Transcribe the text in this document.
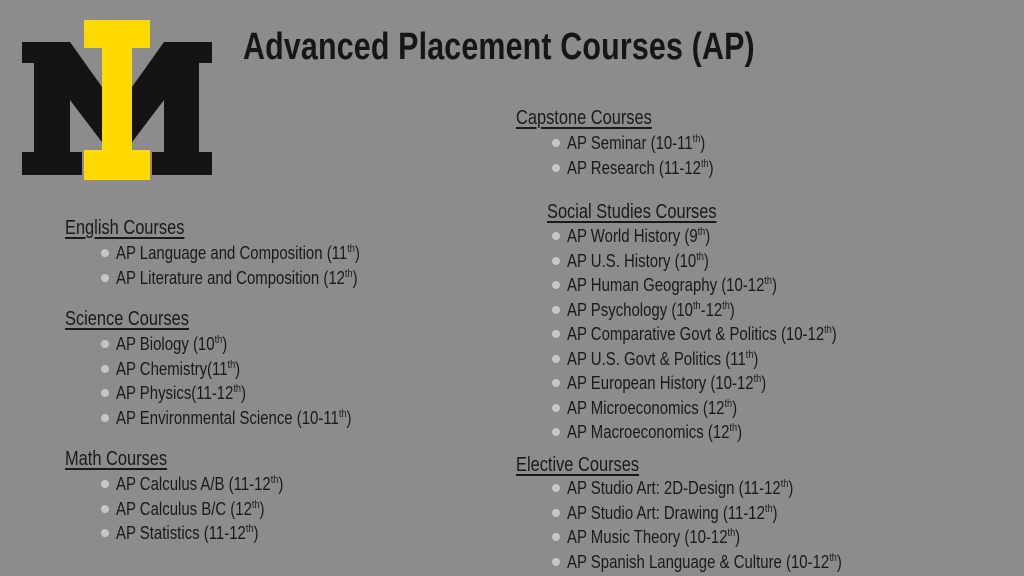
Advanced Placement Courses (AP)
English Courses
AP Language and Composition (11th)
AP Literature and Composition (12th)
Science Courses
AP Biology (10th)
AP Chemistry(11th)
AP Physics(11-12th)
AP Environmental Science (10-11th)
Math Courses
AP Calculus A/B (11-12th)
AP Calculus B/C (12th)
AP Statistics (11-12th)
Capstone Courses
AP Seminar (10-11th)
AP Research (11-12th)
Social Studies Courses
AP World History (9th)
AP U.S. History (10th)
AP Human Geography (10-12th)
AP Psychology (10th-12th)
AP Comparative Govt & Politics (10-12th)
AP U.S. Govt & Politics (11th)
AP European History (10-12th)
AP Microeconomics (12th)
AP Macroeconomics (12th)
Elective Courses
AP Studio Art: 2D-Design (11-12th)
AP Studio Art: Drawing (11-12th)
AP Music Theory (10-12th)
AP Spanish Language & Culture (10-12th)
